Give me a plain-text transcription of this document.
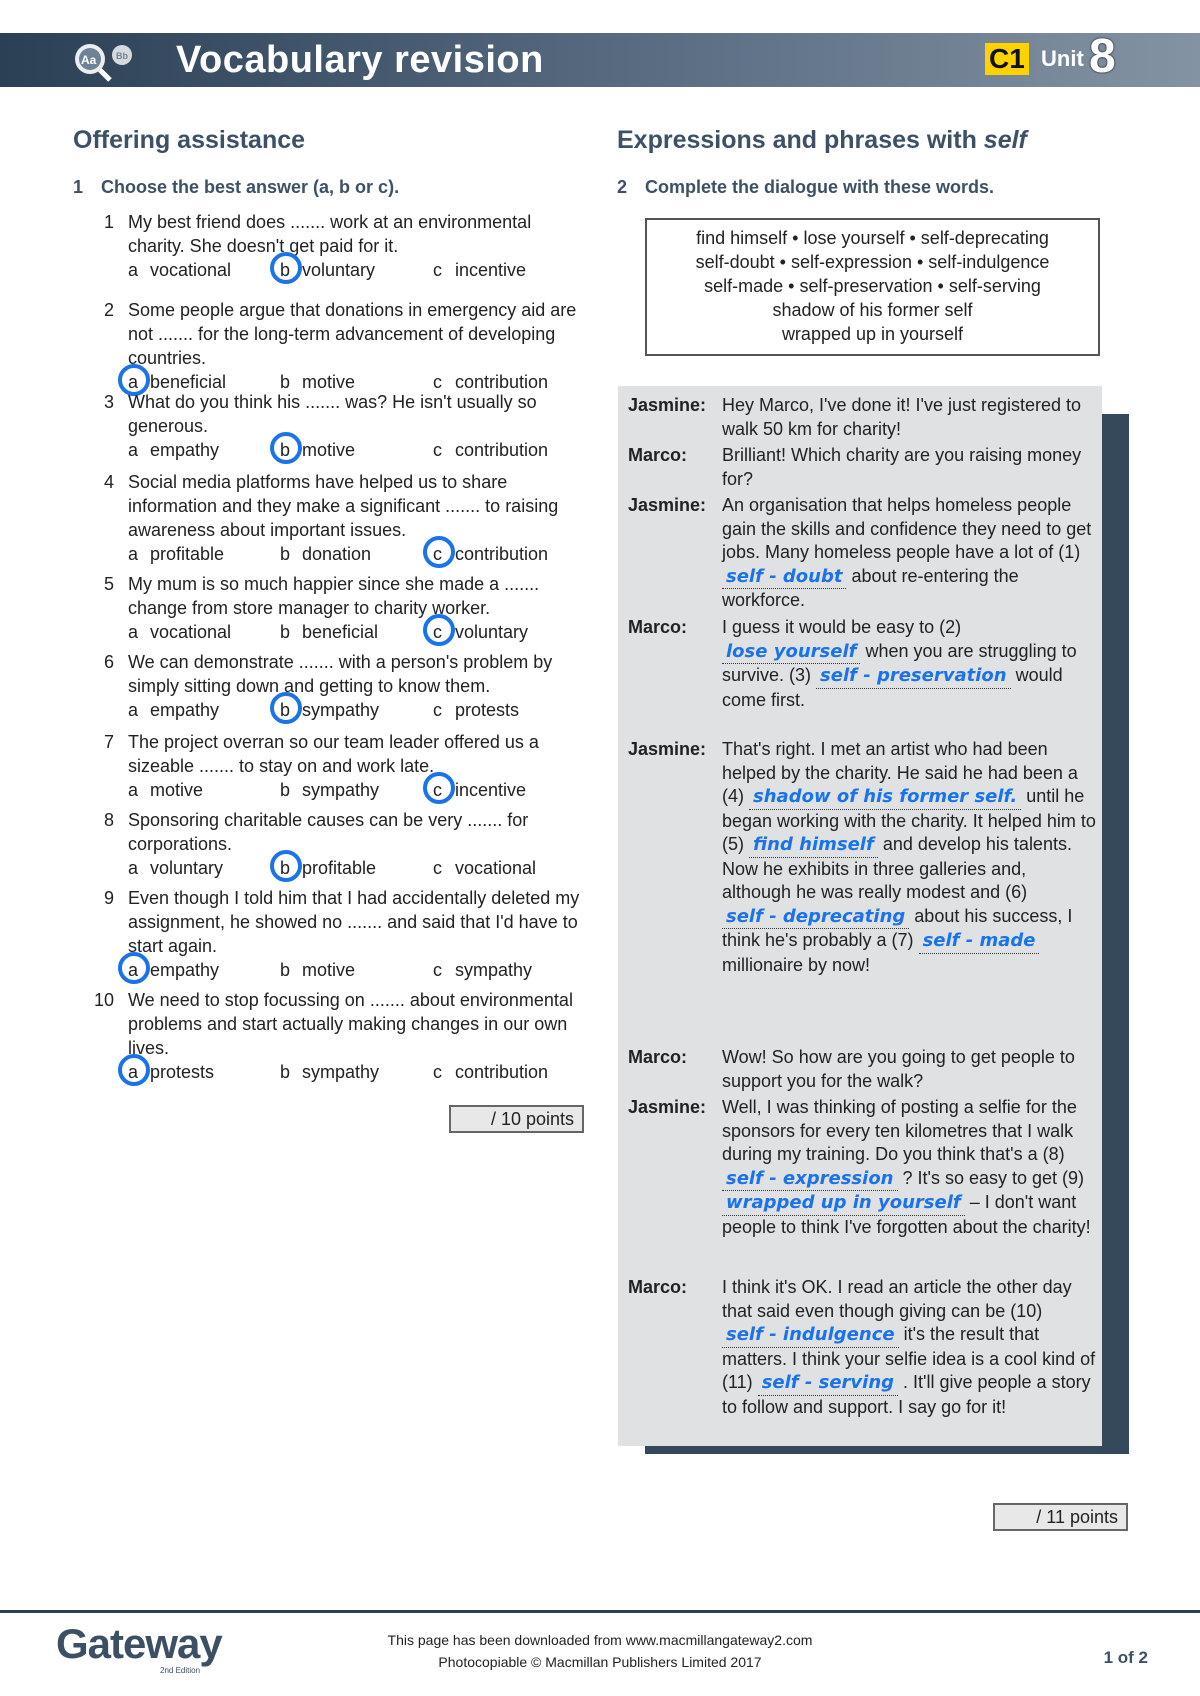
Aa Bb Vocabulary revision	C1 Unit 8
Offering assistance
1 Choose the best answer (a, b or c).
1 My best friend does ....... work at an environmental charity. She doesn't get paid for it.
a vocational	b voluntary	c incentive
2 Some people argue that donations in emergency aid are not ....... for the long-term advancement of developing countries.
a beneficial	b motive	c contribution
3 What do you think his ....... was? He isn't usually so generous.
a empathy	b motive	c contribution
4 Social media platforms have helped us to share information and they make a significant ....... to raising awareness about important issues.
a profitable	b donation	c contribution
5 My mum is so much happier since she made a ....... change from store manager to charity worker.
a vocational	b beneficial	c voluntary
6 We can demonstrate ....... with a person's problem by simply sitting down and getting to know them.
a empathy	b sympathy	c protests
7 The project overran so our team leader offered us a sizeable ....... to stay on and work late.
a motive	b sympathy	c incentive
8 Sponsoring charitable causes can be very ....... for corporations.
a voluntary	b profitable	c vocational
9 Even though I told him that I had accidentally deleted my assignment, he showed no ....... and said that I'd have to start again.
a empathy	b motive	c sympathy
10 We need to stop focussing on ....... about environmental problems and start actually making changes in our own lives.
a protests	b sympathy	c contribution
/ 10 points
Expressions and phrases with self
2 Complete the dialogue with these words.
find himself • lose yourself • self-deprecating
self-doubt • self-expression • self-indulgence
self-made • self-preservation • self-serving
shadow of his former self
wrapped up in yourself
Jasmine: Hey Marco, I've done it! I've just registered to walk 50 km for charity!
Marco: Brilliant! Which charity are you raising money for?
Jasmine: An organisation that helps homeless people gain the skills and confidence they need to get jobs. Many homeless people have a lot of (1) self - doubt about re-entering the workforce.
Marco: I guess it would be easy to (2) lose yourself when you are struggling to survive. (3) self - preservation would come first.
Jasmine: That's right. I met an artist who had been helped by the charity. He said he had been a (4) shadow of his former self. until he began working with the charity. It helped him to (5) find himself and develop his talents. Now he exhibits in three galleries and, although he was really modest and (6) self - deprecating about his success, I think he's probably a (7) self - made millionaire by now!
Marco: Wow! So how are you going to get people to support you for the walk?
Jasmine: Well, I was thinking of posting a selfie for the sponsors for every ten kilometres that I walk during my training. Do you think that's a (8) self - expression ? It's so easy to get (9) wrapped up in yourself – I don't want people to think I've forgotten about the charity!
Marco: I think it's OK. I read an article the other day that said even though giving can be (10) self - indulgence it's the result that matters. I think your selfie idea is a cool kind of (11) self - serving . It'll give people a story to follow and support. I say go for it!
/ 11 points
Gateway
2nd Edition
This page has been downloaded from www.macmillangateway2.com
Photocopiable © Macmillan Publishers Limited 2017	1 of 2
